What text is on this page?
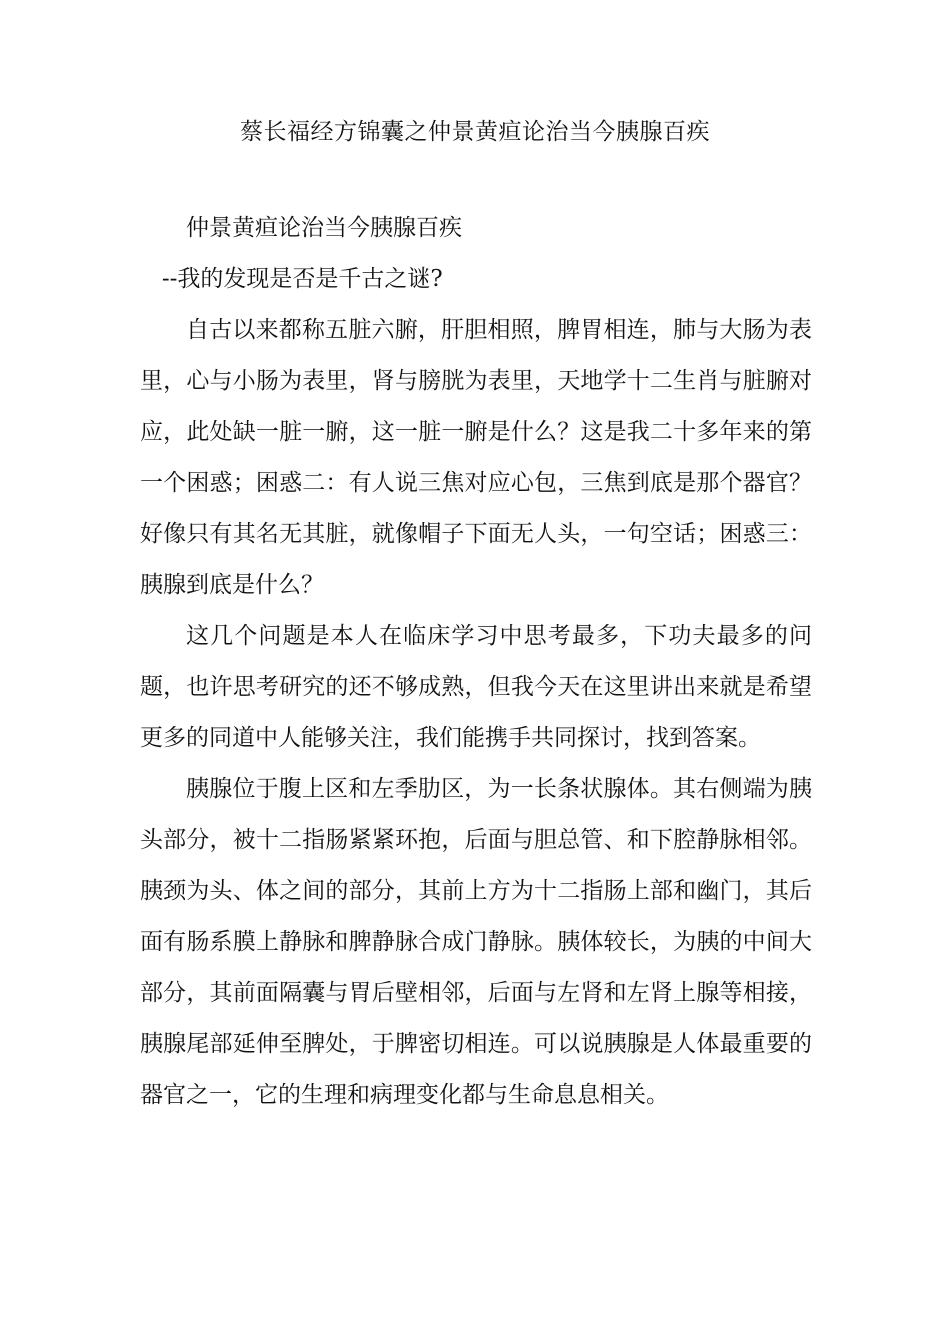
蔡长福经方锦囊之仲景黄疸论治当今胰腺百疾

仲景黄疸论治当今胰腺百疾

--我的发现是否是千古之谜?

自古以来都称五脏六腑，肝胆相照，脾胃相连，肺与大肠为表里，心与小肠为表里，肾与膀胱为表里，天地学十二生肖与脏腑对应，此处缺一脏一腑，这一脏一腑是什么？这是我二十多年来的第一个困惑；困惑二：有人说三焦对应心包，三焦到底是那个器官？好像只有其名无其脏，就像帽子下面无人头，一句空话；困惑三：胰腺到底是什么？

这几个问题是本人在临床学习中思考最多，下功夫最多的问题，也许思考研究的还不够成熟，但我今天在这里讲出来就是希望更多的同道中人能够关注，我们能携手共同探讨，找到答案。

胰腺位于腹上区和左季肋区，为一长条状腺体。其右侧端为胰头部分，被十二指肠紧紧环抱，后面与胆总管、和下腔静脉相邻。胰颈为头、体之间的部分，其前上方为十二指肠上部和幽门，其后面有肠系膜上静脉和脾静脉合成门静脉。胰体较长，为胰的中间大部分，其前面隔囊与胃后壁相邻，后面与左肾和左肾上腺等相接，胰腺尾部延伸至脾处，于脾密切相连。可以说胰腺是人体最重要的器官之一，它的生理和病理变化都与生命息息相关。
